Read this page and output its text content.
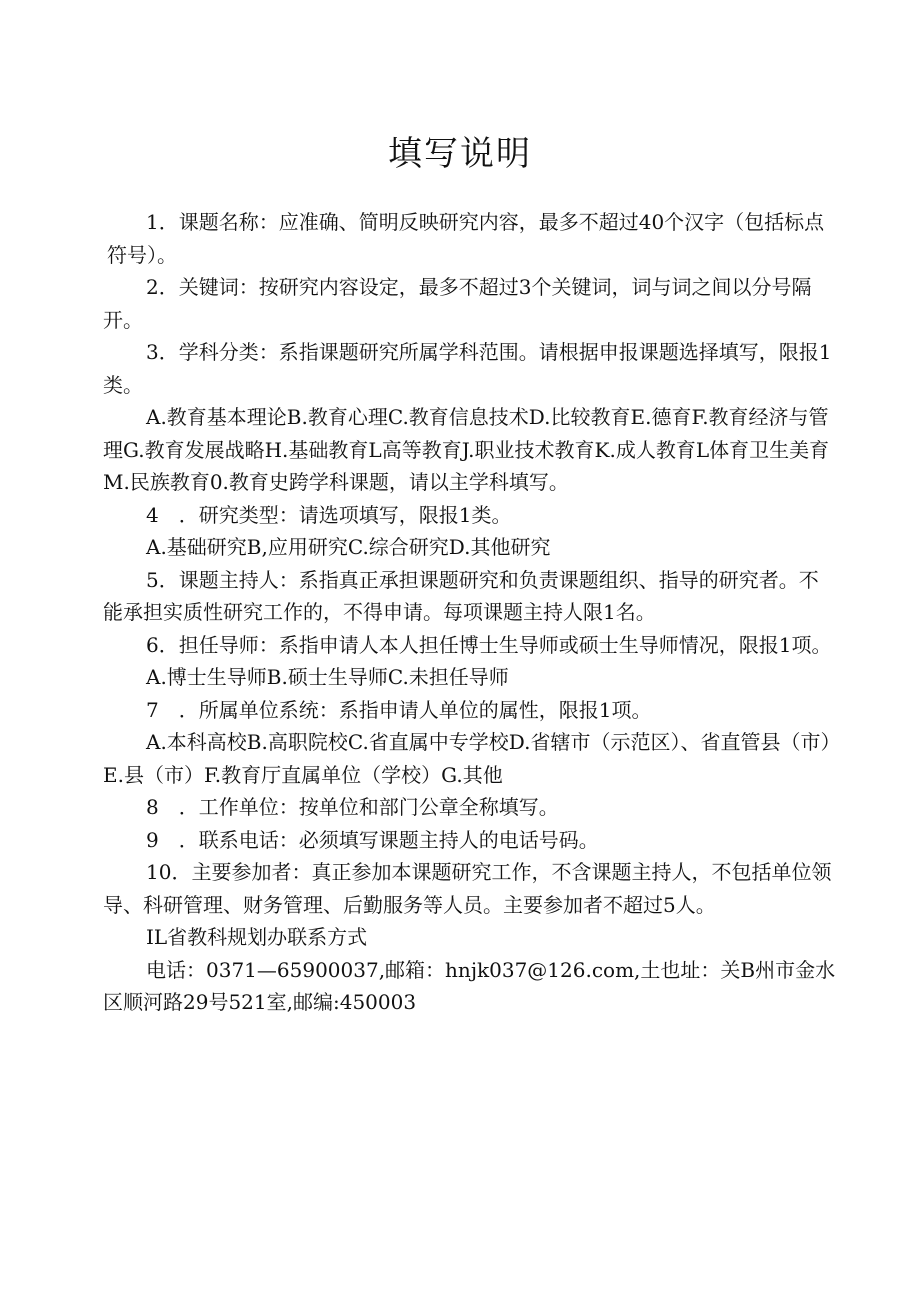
填写说明

1．课题名称：应准确、简明反映研究内容，最多不超过40个汉字（包括标点符号）。

2．关键词：按研究内容设定，最多不超过3个关键词，词与词之间以分号隔开。

3．学科分类：系指课题研究所属学科范围。请根据申报课题选择填写，限报1类。

A.教育基本理论B.教育心理C.教育信息技术D.比较教育E.德育F.教育经济与管理G.教育发展战略H.基础教育L高等教育J.职业技术教育K.成人教育L体育卫生美育M.民族教育0.教育史跨学科课题，请以主学科填写。

4　．研究类型：请选项填写，限报1类。

A.基础研究B,应用研究C.综合研究D.其他研究

5．课题主持人：系指真正承担课题研究和负责课题组织、指导的研究者。不能承担实质性研究工作的，不得申请。每项课题主持人限1名。

6．担任导师：系指申请人本人担任博士生导师或硕士生导师情况，限报1项。

A.博士生导师B.硕士生导师C.未担任导师

7　．所属单位系统：系指申请人单位的属性，限报1项。

A.本科高校B.高职院校C.省直属中专学校D.省辖市（示范区）、省直管县（市）E.县（市）F.教育厅直属单位（学校）G.其他

8　．工作单位：按单位和部门公章全称填写。

9　．联系电话：必须填写课题主持人的电话号码。

10．主要参加者：真正参加本课题研究工作，不含课题主持人，不包括单位领导、科研管理、财务管理、后勤服务等人员。主要参加者不超过5人。

IL省教科规划办联系方式

电话：0371—65900037,邮箱：hnjk037@126.com,土也址：关B州市金水区顺河路29号521室,邮编:450003
